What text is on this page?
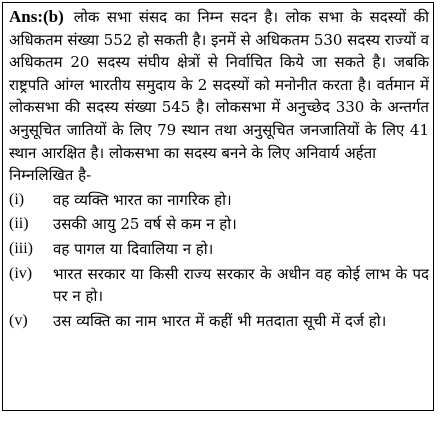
Ans:(b) लोक सभा संसद का निम्न सदन है। लोक सभा के सदस्यों की अधिकतम संख्या 552 हो सकती है। इनमें से अधिकतम 530 सदस्य राज्यों व अधिकतम 20 सदस्य संघीय क्षेत्रों से निर्वाचित किये जा सकते है। जबकि राष्ट्रपति आंग्ल भारतीय समुदाय के 2 सदस्यों को मनोनीत करता है। वर्तमान में लोकसभा की सदस्य संख्या 545 है। लोकसभा में अनुच्छेद 330 के अन्तर्गत अनुसूचित जातियों के लिए 79 स्थान तथा अनुसूचित जनजातियों के लिए 41 स्थान आरक्षित है। लोकसभा का सदस्य बनने के लिए अनिवार्य अर्हता

निम्नलिखित है-

(i)	वह व्यक्ति भारत का नागरिक हो।
(ii)	उसकी आयु 25 वर्ष से कम न हो।
(iii)	वह पागल या दिवालिया न हो।
(iv)	भारत सरकार या किसी राज्य सरकार के अधीन वह कोई लाभ के पद पर न हो।
(v)	उस व्यक्ति का नाम भारत में कहीं भी मतदाता सूची में दर्ज हो।
